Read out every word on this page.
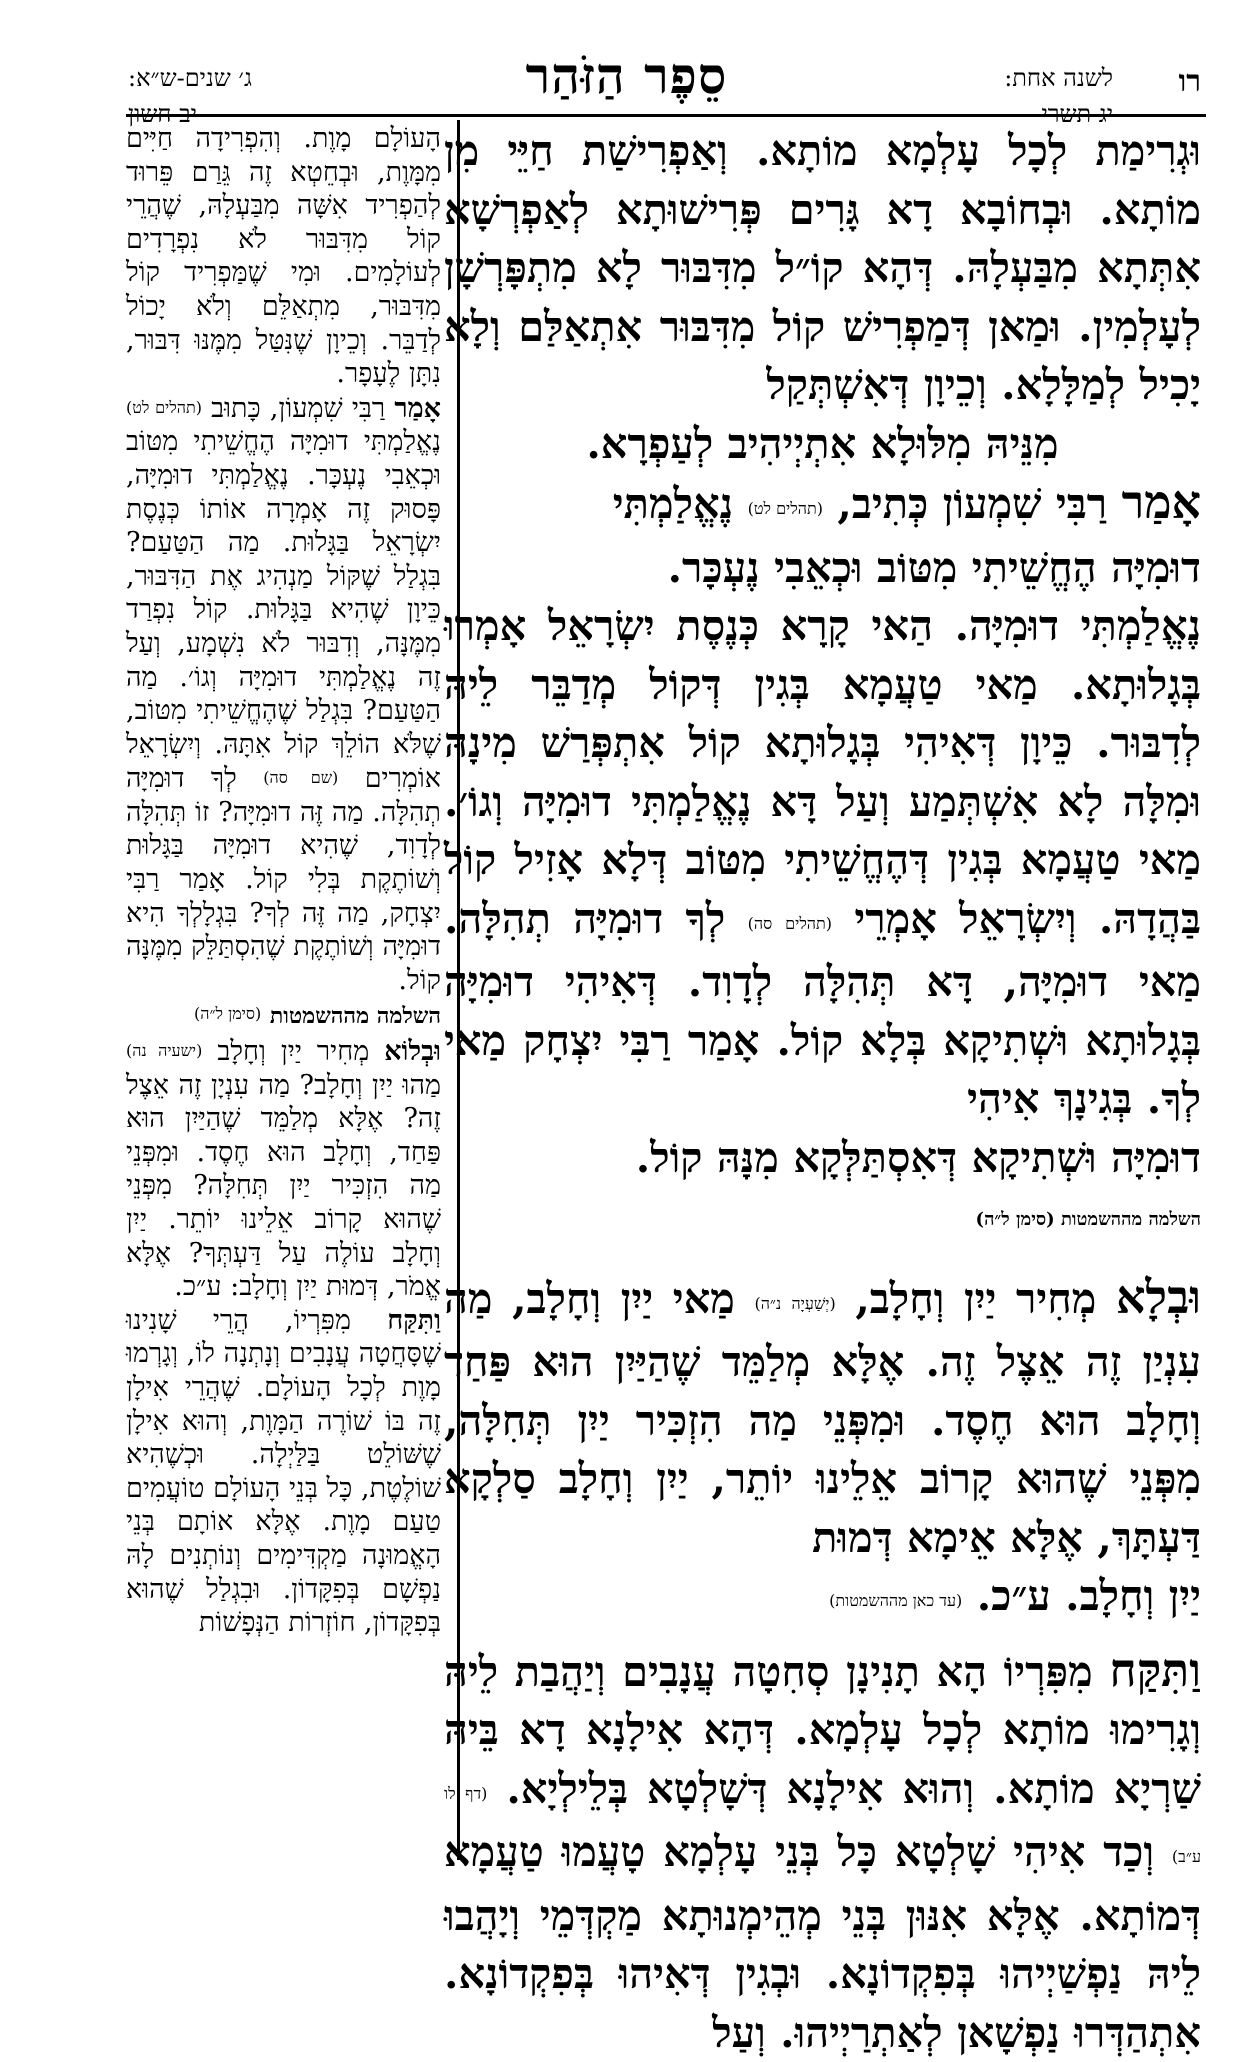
רו
לשנה אחת:
יג תשרי
סֵפֶר הַזֹּהַר
ג׳ שנים-ש״א:
יב חשון

וּגְרִימַת לְכָל עָלְמָא מוֹתָא. וְאַפְרִישַׁת חַיֵּי מִן מוֹתָא. וּבְחוֹבָא דָא גָּרִים פְּרִישׁוּתָא לְאַפְרְשָׁא אִתְּתָא מִבַּעְלָהּ. דְּהָא קוֹ״ל מִדִּבּוּר לָא מִתְפָּרְשָׁן לְעָלְמִין. וּמַאן דְּמַפְרִישׁ קוֹל מִדִּבּוּר אִתְאַלַּם וְלָא יָכִיל לְמַלָּלָא. וְכֵיוָן דְּאִשְׁתְּקַל

מִנֵּיהּ מִלּוּלָא אִתְיְיהִיב לְעַפְרָא.

אָמַר רַבִּי שִׁמְעוֹן כְּתִיב, (תהלים לט) נֶאֱלַמְתִּי

דוּמִיָּה הֶחֱשֵׁיתִי מִטּוֹב וּכְאֵבִי נֶעְכָּר.

נֶאֱלַמְתִּי דוּמִיָּה. הַאי קָרָא כְּנֶסֶת יִשְׂרָאֵל אָמְרוּ בְּגָלוּתָא. מַאי טַעֲמָא בְּגִין דְּקוֹל מְדַבֵּר לֵיהּ לְדִבּוּר. כֵּיוָן דְּאִיהִי בְּגָלוּתָא קוֹל אִתְפְּרַשׁ מִינָהּ וּמִלָּה לָא אִשְׁתְּמַע וְעַל דָּא נֶאֱלַמְתִּי דוּמִיָּה וְגוֹ׳. מַאי טַעֲמָא בְּגִין דְּהֶחֱשֵׁיתִי מִטּוֹב דְּלָא אָזִיל קוֹל בַּהֲדָהּ. וְיִשְׂרָאֵל אָמְרֵי (תהלים סה) לְךָ דוּמִיָּה תְהִלָּה. מַאי דוּמִיָּה, דָּא תְּהִלָּה לְדָוִד. דְּאִיהִי דוּמִיָּה בְּגָלוּתָא וּשְׁתִיקָא בְּלָא קוֹל. אָמַר רַבִּי יִצְחָק מַאי לְךָ. בְּגִינָךְ אִיהִי

דוּמִיָּה וּשְׁתִיקָא דְּאִסְתַּלְּקָא מִנָּהּ קוֹל.

השלמה מההשמטות (סימן ל״ה)

וּבְלָא מְחִיר יַיִן וְחָלָב, (יְשַׁעְיָה נ״ה) מַאי יַיִן וְחָלָב, מַה עִנְיַן זֶה אֵצֶל זֶה. אֶלָּא מְלַמֵּד שֶׁהַיַּיִן הוּא פַּחַד וְחָלָב הוּא חֶסֶד. וּמִפְּנֵי מַה הִזְכִּיר יַיִן תְּחִלָּה, מִפְּנֵי שֶׁהוּא קָרוֹב אֵלֵינוּ יוֹתֵר, יַיִן וְחָלָב סַלְקָא דַּעְתָּךְ, אֶלָּא אֵימָא דְּמוּת

יַיִן וְחָלָב. ע״כ. (עד כאן מההשמטות)

וַתִּקַּח מִפִּרְיוֹ הָא תָנִינָן סְחִטָה עֲנָבִים וְיַהֲבַת לֵיהּ וְגָרִימוּ מוֹתָא לְכָל עָלְמָא. דְּהָא אִילָנָא דָא בֵּיהּ שַׁרְיָא מוֹתָא. וְהוּא אִילָנָא דְּשָׁלְטָא בְּלֵילְיָא. (דף לו ע״ב) וְכַד אִיהִי שָׁלְטָא כָּל בְּנֵי עָלְמָא טָעֲמוּ טַעֲמָא דְּמוֹתָא. אֶלָּא אִנּוּן בְּנֵי מְהֵימְנוּתָא מַקְדְּמֵי וְיָהֲבוּ לֵיהּ נַפְשַׁיְיהוּ בְּפִקְדוֹנָא. וּבְגִין דְּאִיהוּ בְּפִקְדוֹנָא. אִתְהַדְּרוּ נַפְשָׁאן לְאַתְרַיְיהוּ. וְעַל

הָעוֹלָם מָוֶת. וְהִפְרִידָה חַיִּים מִמָּוֶת, וּבְחֵטְא זֶה גֵּרַם פֵּרוּד לְהַפְרִיד אִשָּׁה מִבַּעְלָהּ, שֶׁהֲרֵי קוֹל מִדִּבּוּר לֹא נִפְרָדִים לְעוֹלָמִים. וּמִי שֶׁמַּפְרִיד קוֹל מִדִּבּוּר, מִתְאַלֵּם וְלֹא יָכוֹל לְדַבֵּר. וְכֵיוָן שֶׁנִּטַּל מִמֶּנּוּ דִּבּוּר, נִתָּן לֶעָפָר.

אָמַר רַבִּי שִׁמְעוֹן, כָּתוּב (תהלים לט) נֶאֱלַמְתִּי דוּמִיָּה הֶחֱשֵׁיתִי מִטּוֹב וּכְאֵבִי נֶעְכָּר. נֶאֱלַמְתִּי דוּמִיָּה, פָּסוּק זֶה אָמְרָה אוֹתוֹ כְּנֶסֶת יִשְׂרָאֵל בַּגָּלוּת. מַה הַטַּעַם? בִּגְלַל שֶׁקּוֹל מַנְהִיג אֶת הַדִּבּוּר, כֵּיוָן שֶׁהִיא בַּגָּלוּת. קוֹל נִפְרַד מִמֶּנָּה, וְדִבּוּר לֹא נִשְׁמָע, וְעַל זֶה נֶאֱלַמְתִּי דוּמִיָּה וְגוֹ׳. מַה הַטַּעַם? בִּגְלַל שֶׁהֶחֱשֵׁיתִי מִטּוֹב, שֶׁלֹּא הוֹלֵךְ קוֹל אִתָּהּ. וְיִשְׂרָאֵל אוֹמְרִים (שם סה) לְךָ דוּמִיָּה תְהִלָּה. מַה זֶּה דוּמִיָּה? זוֹ תְּהִלָּה לְדָוִד, שֶׁהִיא דוּמִיָּה בַּגָּלוּת וְשׁוֹתֶקֶת בְּלִי קוֹל. אָמַר רַבִּי יִצְחָק, מַה זֶּה לְךָ? בִּגְלָלְךָ הִיא דוּמִיָּה וְשׁוֹתֶקֶת שֶׁהִסְתַּלֵּק מִמֶּנָּה קוֹל.

השלמה מההשמטות (סימן ל״ה)

וּבְלוֹא מְחִיר יַיִן וְחָלָב (ישעיה נה) מַהוּ יַיִן וְחָלָב? מַה עִנְיָן זֶה אֵצֶל זֶה? אֶלָּא מְלַמֵּד שֶׁהַיַּיִן הוּא פַּחַד, וְחָלָב הוּא חֶסֶד. וּמִפְּנֵי מַה הִזְכִּיר יַיִן תְּחִלָּה? מִפְּנֵי שֶׁהוּא קָרוֹב אֵלֵינוּ יוֹתֵר. יַיִן וְחָלָב עוֹלֶה עַל דַּעְתְּךָ? אֶלָּא אֱמֹר, דְּמוּת יַיִן וְחָלָב: ע״כ.

וַתִּקַּח מִפִּרְיוֹ, הֲרֵי שָׁנִינוּ שֶׁסָּחֲטָה עֲנָבִים וְנָתְנָה לוֹ, וְגָרְמוּ מָוֶת לְכָל הָעוֹלָם. שֶׁהֲרֵי אִילָן זֶה בּוֹ שׁוֹרֶה הַמָּוֶת, וְהוּא אִילָן שֶׁשּׁוֹלֵט בַּלַּיְלָה. וּכְשֶׁהִיא שׁוֹלֶטֶת, כָּל בְּנֵי הָעוֹלָם טוֹעֲמִים טַעַם מָוֶת. אֶלָּא אוֹתָם בְּנֵי הָאֱמוּנָה מַקְדִּימִים וְנוֹתְנִים לָהּ נַפְשָׁם בְּפִקָּדוֹן. וּבִגְלַל שֶׁהוּא בְּפִקָּדוֹן, חוֹזְרוֹת הַנְּפָשׁוֹת
